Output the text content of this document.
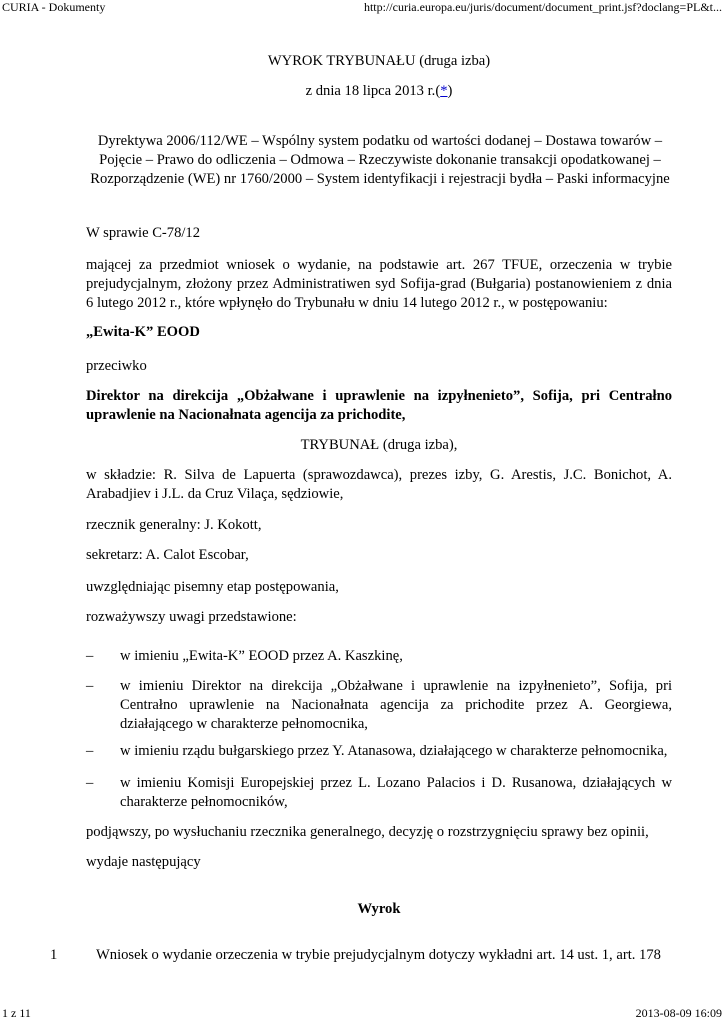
CURIA - Dokumenty	http://curia.europa.eu/juris/document/document_print.jsf?doclang=PL&t...
WYROK TRYBUNAŁU (druga izba)
z dnia 18 lipca 2013 r.(*)
Dyrektywa 2006/112/WE – Wspólny system podatku od wartości dodanej – Dostawa towarów – Pojęcie – Prawo do odliczenia – Odmowa – Rzeczywiste dokonanie transakcji opodatkowanej – Rozporządzenie (WE) nr 1760/2000 – System identyfikacji i rejestracji bydła – Paski informacyjne
W sprawie C‑78/12
mającej za przedmiot wniosek o wydanie, na podstawie art. 267 TFUE, orzeczenia w trybie prejudycjalnym, złożony przez Administratiwen syd Sofija-grad (Bułgaria) postanowieniem z dnia 6 lutego 2012 r., które wpłynęło do Trybunału w dniu 14 lutego 2012 r., w postępowaniu:
„Ewita‑K” EOOD
przeciwko
Direktor na direkcija „Obżałwane i uprawlenie na izpyłnenieto”, Sofija, pri Centrałno uprawlenie na Nacionałnata agencija za prichodite,
TRYBUNAŁ (druga izba),
w składzie: R. Silva de Lapuerta (sprawozdawca), prezes izby, G. Arestis, J.C. Bonichot, A. Arabadjiev i J.L. da Cruz Vilaça, sędziowie,
rzecznik generalny: J. Kokott,
sekretarz: A. Calot Escobar,
uwzględniając pisemny etap postępowania,
rozważywszy uwagi przedstawione:
–	w imieniu „Ewita‑K” EOOD przez A. Kaszkinę,
–	w imieniu Direktor na direkcija „Obżałwane i uprawlenie na izpyłnenieto”, Sofija, pri Centrałno uprawlenie na Nacionałnata agencija za prichodite przez A. Georgiewa, działającego w charakterze pełnomocnika,
–	w imieniu rządu bułgarskiego przez Y. Atanasowa, działającego w charakterze pełnomocnika,
–	w imieniu Komisji Europejskiej przez L. Lozano Palacios i D. Rusanowa, działających w charakterze pełnomocników,
podjąwszy, po wysłuchaniu rzecznika generalnego, decyzję o rozstrzygnięciu sprawy bez opinii,
wydaje następujący
Wyrok
1	Wniosek o wydanie orzeczenia w trybie prejudycjalnym dotyczy wykładni art. 14 ust. 1, art. 178
1 z 11	2013-08-09 16:09
